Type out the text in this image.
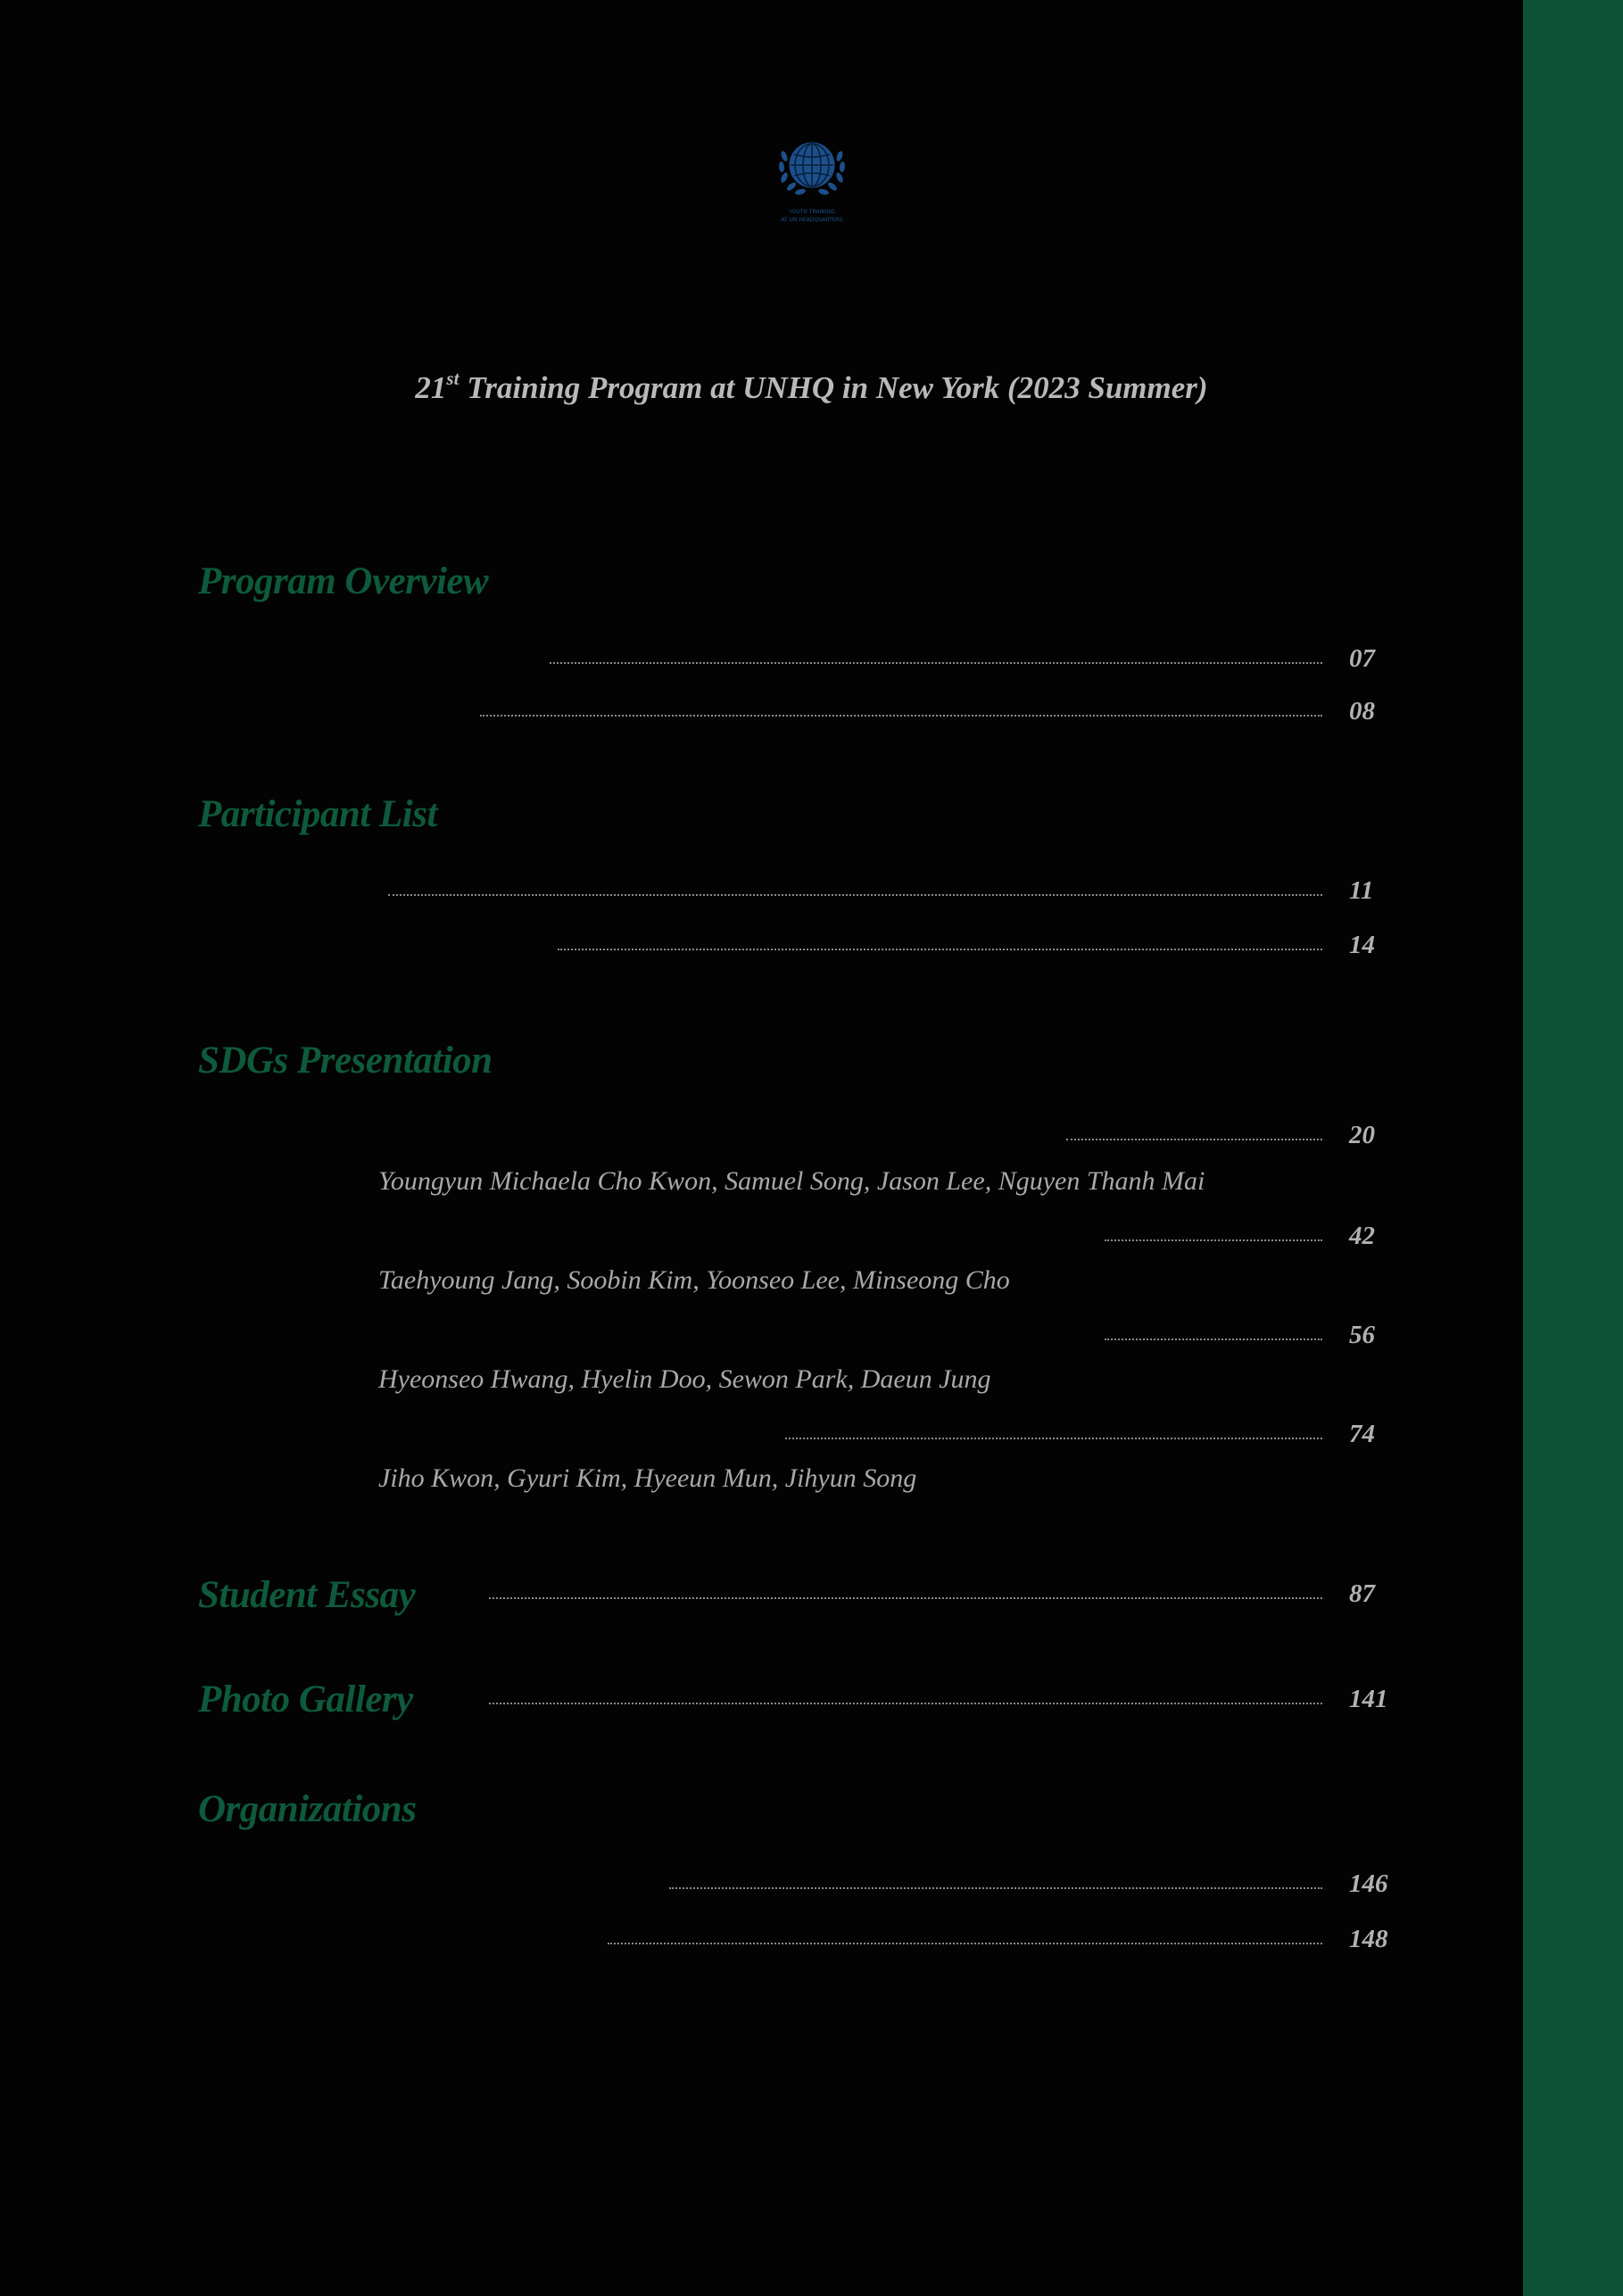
YOUTH TRAINING
AT UN HEADQUARTERS
21st Training Program at UNHQ in New York (2023 Summer)
Program Overview
07
08
Participant List
11
14
SDGs Presentation
20
Youngyun Michaela Cho Kwon, Samuel Song, Jason Lee, Nguyen Thanh Mai
42
Taehyoung Jang, Soobin Kim, Yoonseo Lee, Minseong Cho
56
Hyeonseo Hwang, Hyelin Doo, Sewon Park, Daeun Jung
74
Jiho Kwon, Gyuri Kim, Hyeeun Mun, Jihyun Song
Student Essay	87
Photo Gallery	141
Organizations
146
148
